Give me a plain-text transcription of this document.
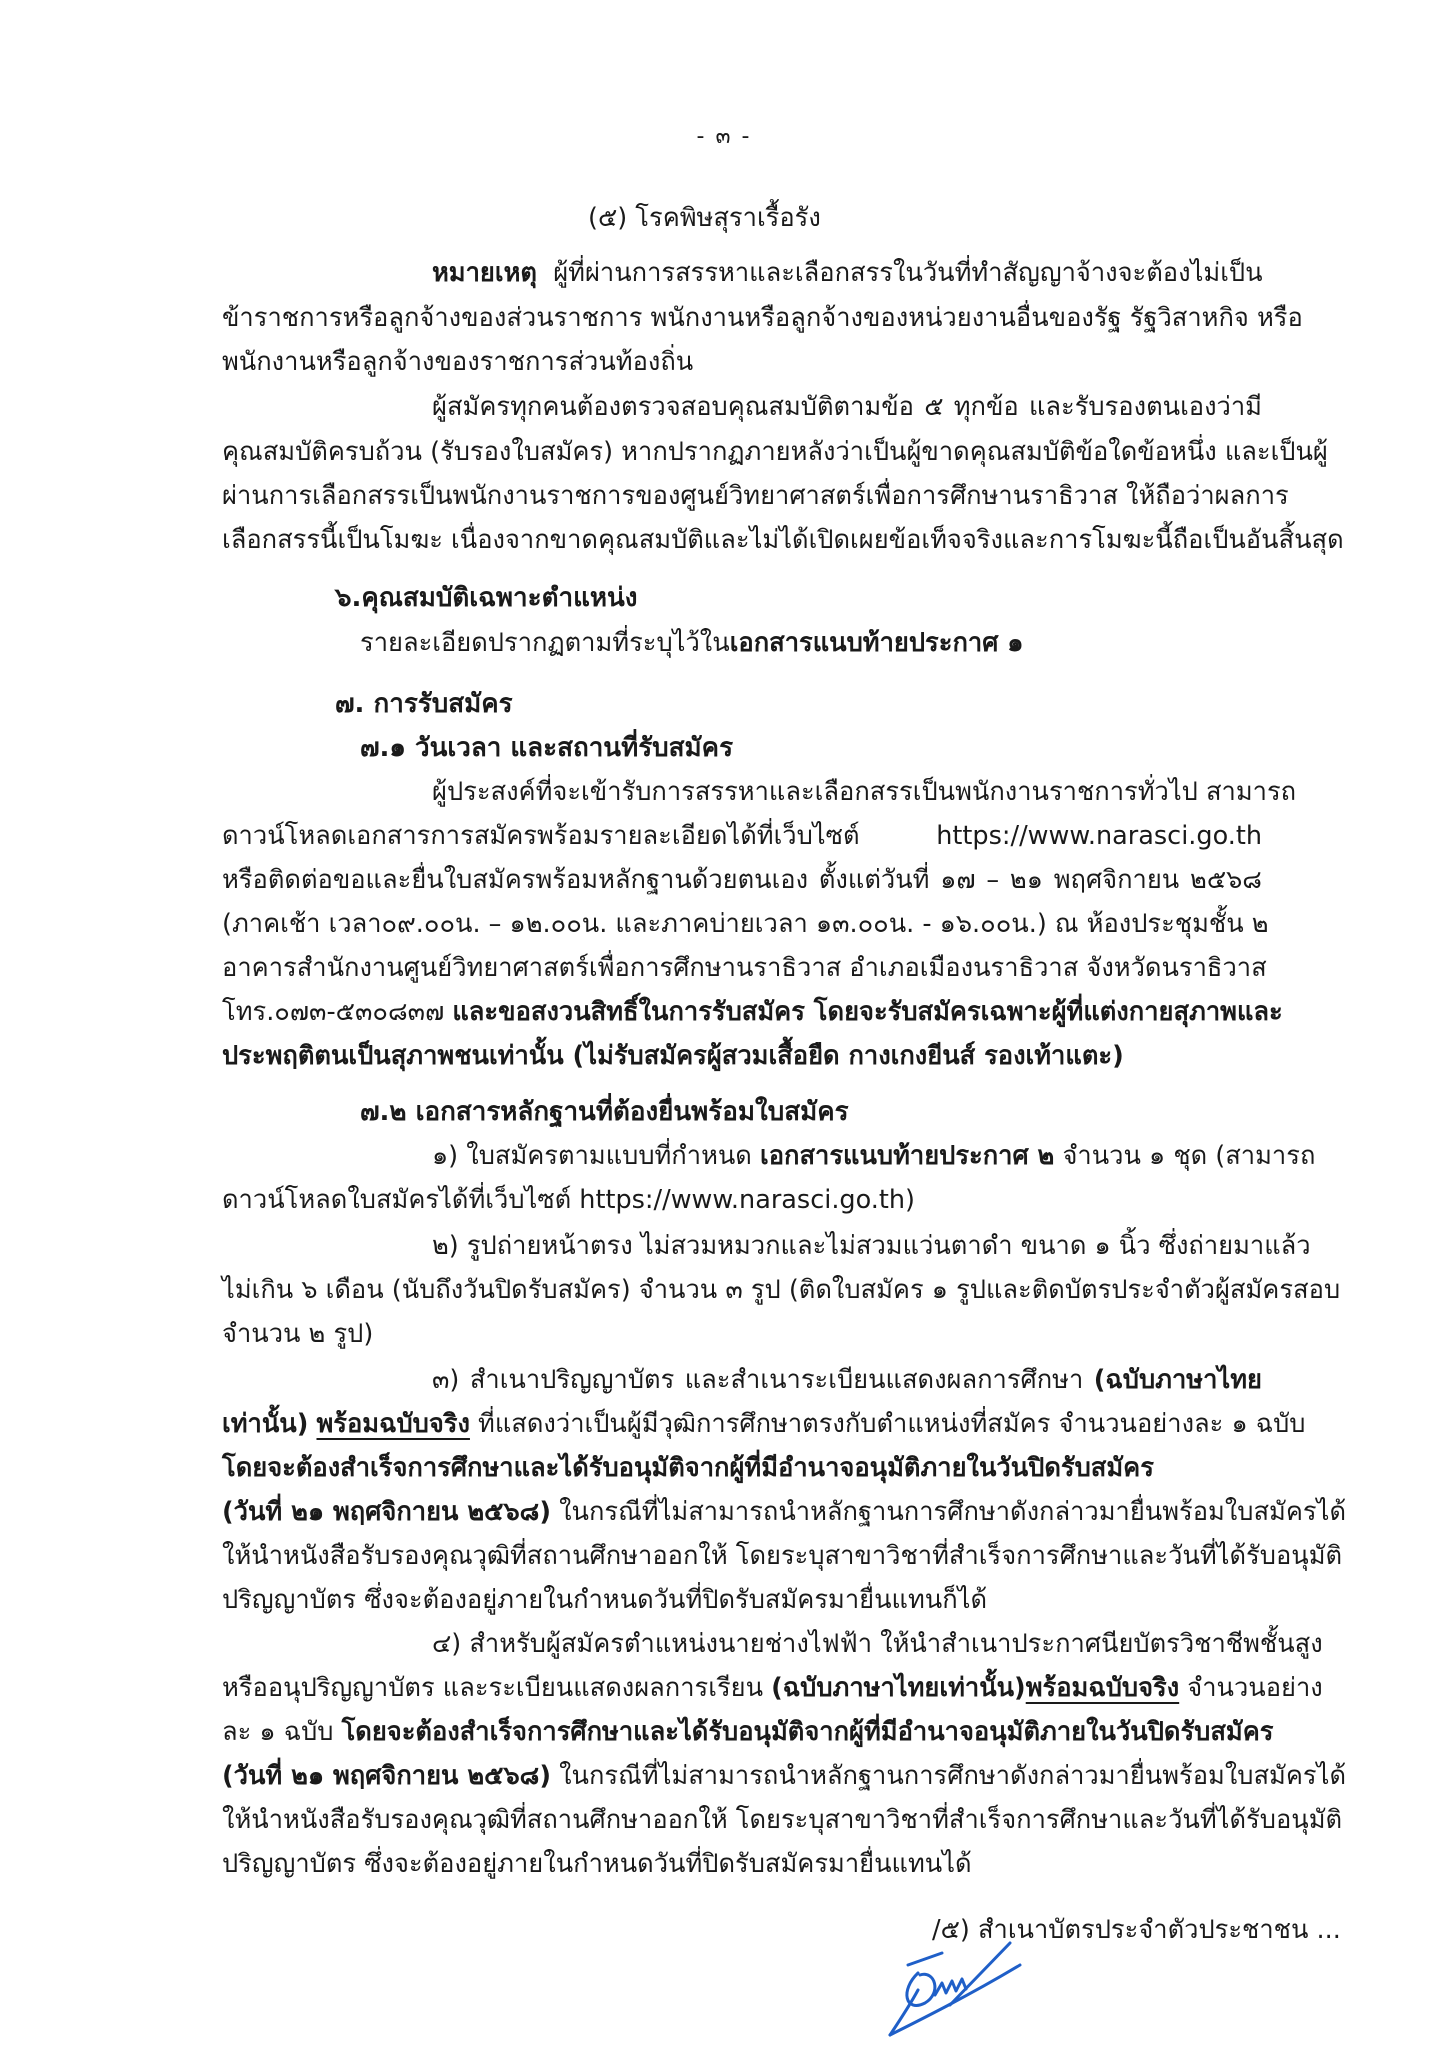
- ๓ -
(๕) โรคพิษสุราเรื้อรัง
หมายเหตุ ผู้ที่ผ่านการสรรหาและเลือกสรรในวันที่ทำสัญญาจ้างจะต้องไม่เป็น
ข้าราชการหรือลูกจ้างของส่วนราชการ พนักงานหรือลูกจ้างของหน่วยงานอื่นของรัฐ รัฐวิสาหกิจ หรือ
พนักงานหรือลูกจ้างของราชการส่วนท้องถิ่น
ผู้สมัครทุกคนต้องตรวจสอบคุณสมบัติตามข้อ ๕ ทุกข้อ และรับรองตนเองว่ามี
คุณสมบัติครบถ้วน (รับรองใบสมัคร) หากปรากฏภายหลังว่าเป็นผู้ขาดคุณสมบัติข้อใดข้อหนึ่ง และเป็นผู้
ผ่านการเลือกสรรเป็นพนักงานราชการของศูนย์วิทยาศาสตร์เพื่อการศึกษานราธิวาส ให้ถือว่าผลการ
เลือกสรรนี้เป็นโมฆะ เนื่องจากขาดคุณสมบัติและไม่ได้เปิดเผยข้อเท็จจริงและการโมฆะนี้ถือเป็นอันสิ้นสุด
๖.คุณสมบัติเฉพาะตำแหน่ง
รายละเอียดปรากฏตามที่ระบุไว้ในเอกสารแนบท้ายประกาศ ๑
๗. การรับสมัคร
๗.๑ วันเวลา และสถานที่รับสมัคร
ผู้ประสงค์ที่จะเข้ารับการสรรหาและเลือกสรรเป็นพนักงานราชการทั่วไป สามารถ
ดาวน์โหลดเอกสารการสมัครพร้อมรายละเอียดได้ที่เว็บไซต์ https://www.narasci.go.th
หรือติดต่อขอและยื่นใบสมัครพร้อมหลักฐานด้วยตนเอง ตั้งแต่วันที่ ๑๗ – ๒๑ พฤศจิกายน ๒๕๖๘
(ภาคเช้า เวลา๐๙.๐๐น. – ๑๒.๐๐น. และภาคบ่ายเวลา ๑๓.๐๐น. - ๑๖.๐๐น.) ณ ห้องประชุมชั้น ๒
อาคารสำนักงานศูนย์วิทยาศาสตร์เพื่อการศึกษานราธิวาส อำเภอเมืองนราธิวาส จังหวัดนราธิวาส
โทร.๐๗๓-๕๓๐๘๓๗ และขอสงวนสิทธิ์ในการรับสมัคร โดยจะรับสมัครเฉพาะผู้ที่แต่งกายสุภาพและ
ประพฤติตนเป็นสุภาพชนเท่านั้น (ไม่รับสมัครผู้สวมเสื้อยืด กางเกงยีนส์ รองเท้าแตะ)
๗.๒ เอกสารหลักฐานที่ต้องยื่นพร้อมใบสมัคร
๑) ใบสมัครตามแบบที่กำหนด เอกสารแนบท้ายประกาศ ๒ จำนวน ๑ ชุด (สามารถ
ดาวน์โหลดใบสมัครได้ที่เว็บไซต์ https://www.narasci.go.th)
๒) รูปถ่ายหน้าตรง ไม่สวมหมวกและไม่สวมแว่นตาดำ ขนาด ๑ นิ้ว ซึ่งถ่ายมาแล้ว
ไม่เกิน ๖ เดือน (นับถึงวันปิดรับสมัคร) จำนวน ๓ รูป (ติดใบสมัคร ๑ รูปและติดบัตรประจำตัวผู้สมัครสอบ
จำนวน ๒ รูป)
๓) สำเนาปริญญาบัตร และสำเนาระเบียนแสดงผลการศึกษา (ฉบับภาษาไทย
เท่านั้น) พร้อมฉบับจริง ที่แสดงว่าเป็นผู้มีวุฒิการศึกษาตรงกับตำแหน่งที่สมัคร จำนวนอย่างละ ๑ ฉบับ
โดยจะต้องสำเร็จการศึกษาและได้รับอนุมัติจากผู้ที่มีอำนาจอนุมัติภายในวันปิดรับสมัคร
(วันที่ ๒๑ พฤศจิกายน ๒๕๖๘) ในกรณีที่ไม่สามารถนำหลักฐานการศึกษาดังกล่าวมายื่นพร้อมใบสมัครได้
ให้นำหนังสือรับรองคุณวุฒิที่สถานศึกษาออกให้ โดยระบุสาขาวิชาที่สำเร็จการศึกษาและวันที่ได้รับอนุมัติ
ปริญญาบัตร ซึ่งจะต้องอยู่ภายในกำหนดวันที่ปิดรับสมัครมายื่นแทนก็ได้
๔) สำหรับผู้สมัครตำแหน่งนายช่างไฟฟ้า ให้นำสำเนาประกาศนียบัตรวิชาชีพชั้นสูง
หรืออนุปริญญาบัตร และระเบียนแสดงผลการเรียน (ฉบับภาษาไทยเท่านั้น)พร้อมฉบับจริง จำนวนอย่าง
ละ ๑ ฉบับ โดยจะต้องสำเร็จการศึกษาและได้รับอนุมัติจากผู้ที่มีอำนาจอนุมัติภายในวันปิดรับสมัคร
(วันที่ ๒๑ พฤศจิกายน ๒๕๖๘) ในกรณีที่ไม่สามารถนำหลักฐานการศึกษาดังกล่าวมายื่นพร้อมใบสมัครได้
ให้นำหนังสือรับรองคุณวุฒิที่สถานศึกษาออกให้ โดยระบุสาขาวิชาที่สำเร็จการศึกษาและวันที่ได้รับอนุมัติ
ปริญญาบัตร ซึ่งจะต้องอยู่ภายในกำหนดวันที่ปิดรับสมัครมายื่นแทนได้
/๕) สำเนาบัตรประจำตัวประชาชน ...
